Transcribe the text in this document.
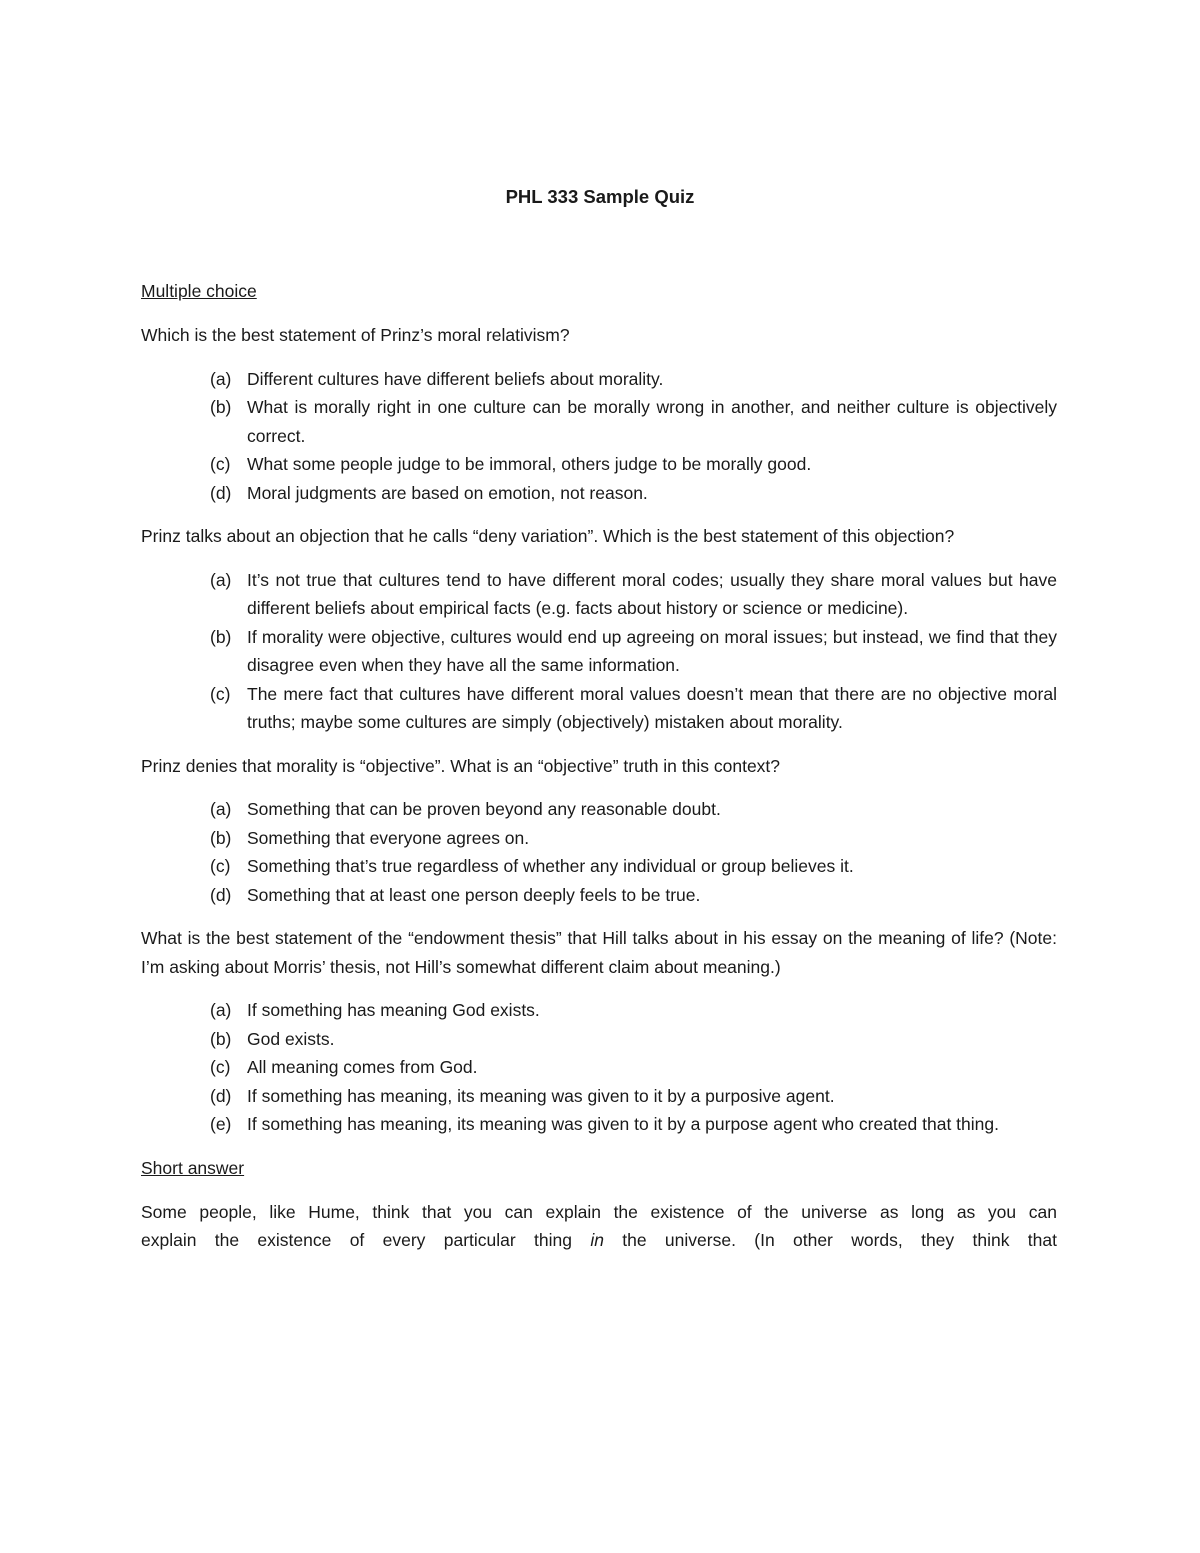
PHL 333 Sample Quiz
Multiple choice
Which is the best statement of Prinz’s moral relativism?
(a) Different cultures have different beliefs about morality.
(b) What is morally right in one culture can be morally wrong in another, and neither culture is objectively correct.
(c) What some people judge to be immoral, others judge to be morally good.
(d) Moral judgments are based on emotion, not reason.
Prinz talks about an objection that he calls “deny variation”. Which is the best statement of this objection?
(a) It’s not true that cultures tend to have different moral codes; usually they share moral values but have different beliefs about empirical facts (e.g. facts about history or science or medicine).
(b) If morality were objective, cultures would end up agreeing on moral issues; but instead, we find that they disagree even when they have all the same information.
(c) The mere fact that cultures have different moral values doesn’t mean that there are no objective moral truths; maybe some cultures are simply (objectively) mistaken about morality.
Prinz denies that morality is “objective”. What is an “objective” truth in this context?
(a) Something that can be proven beyond any reasonable doubt.
(b) Something that everyone agrees on.
(c) Something that’s true regardless of whether any individual or group believes it.
(d) Something that at least one person deeply feels to be true.
What is the best statement of the “endowment thesis” that Hill talks about in his essay on the meaning of life? (Note: I’m asking about Morris’ thesis, not Hill’s somewhat different claim about meaning.)
(a) If something has meaning God exists.
(b) God exists.
(c) All meaning comes from God.
(d) If something has meaning, its meaning was given to it by a purposive agent.
(e) If something has meaning, its meaning was given to it by a purpose agent who created that thing.
Short answer
Some people, like Hume, think that you can explain the existence of the universe as long as you can
explain the existence of every particular thing in the universe. (In other words, they think that
